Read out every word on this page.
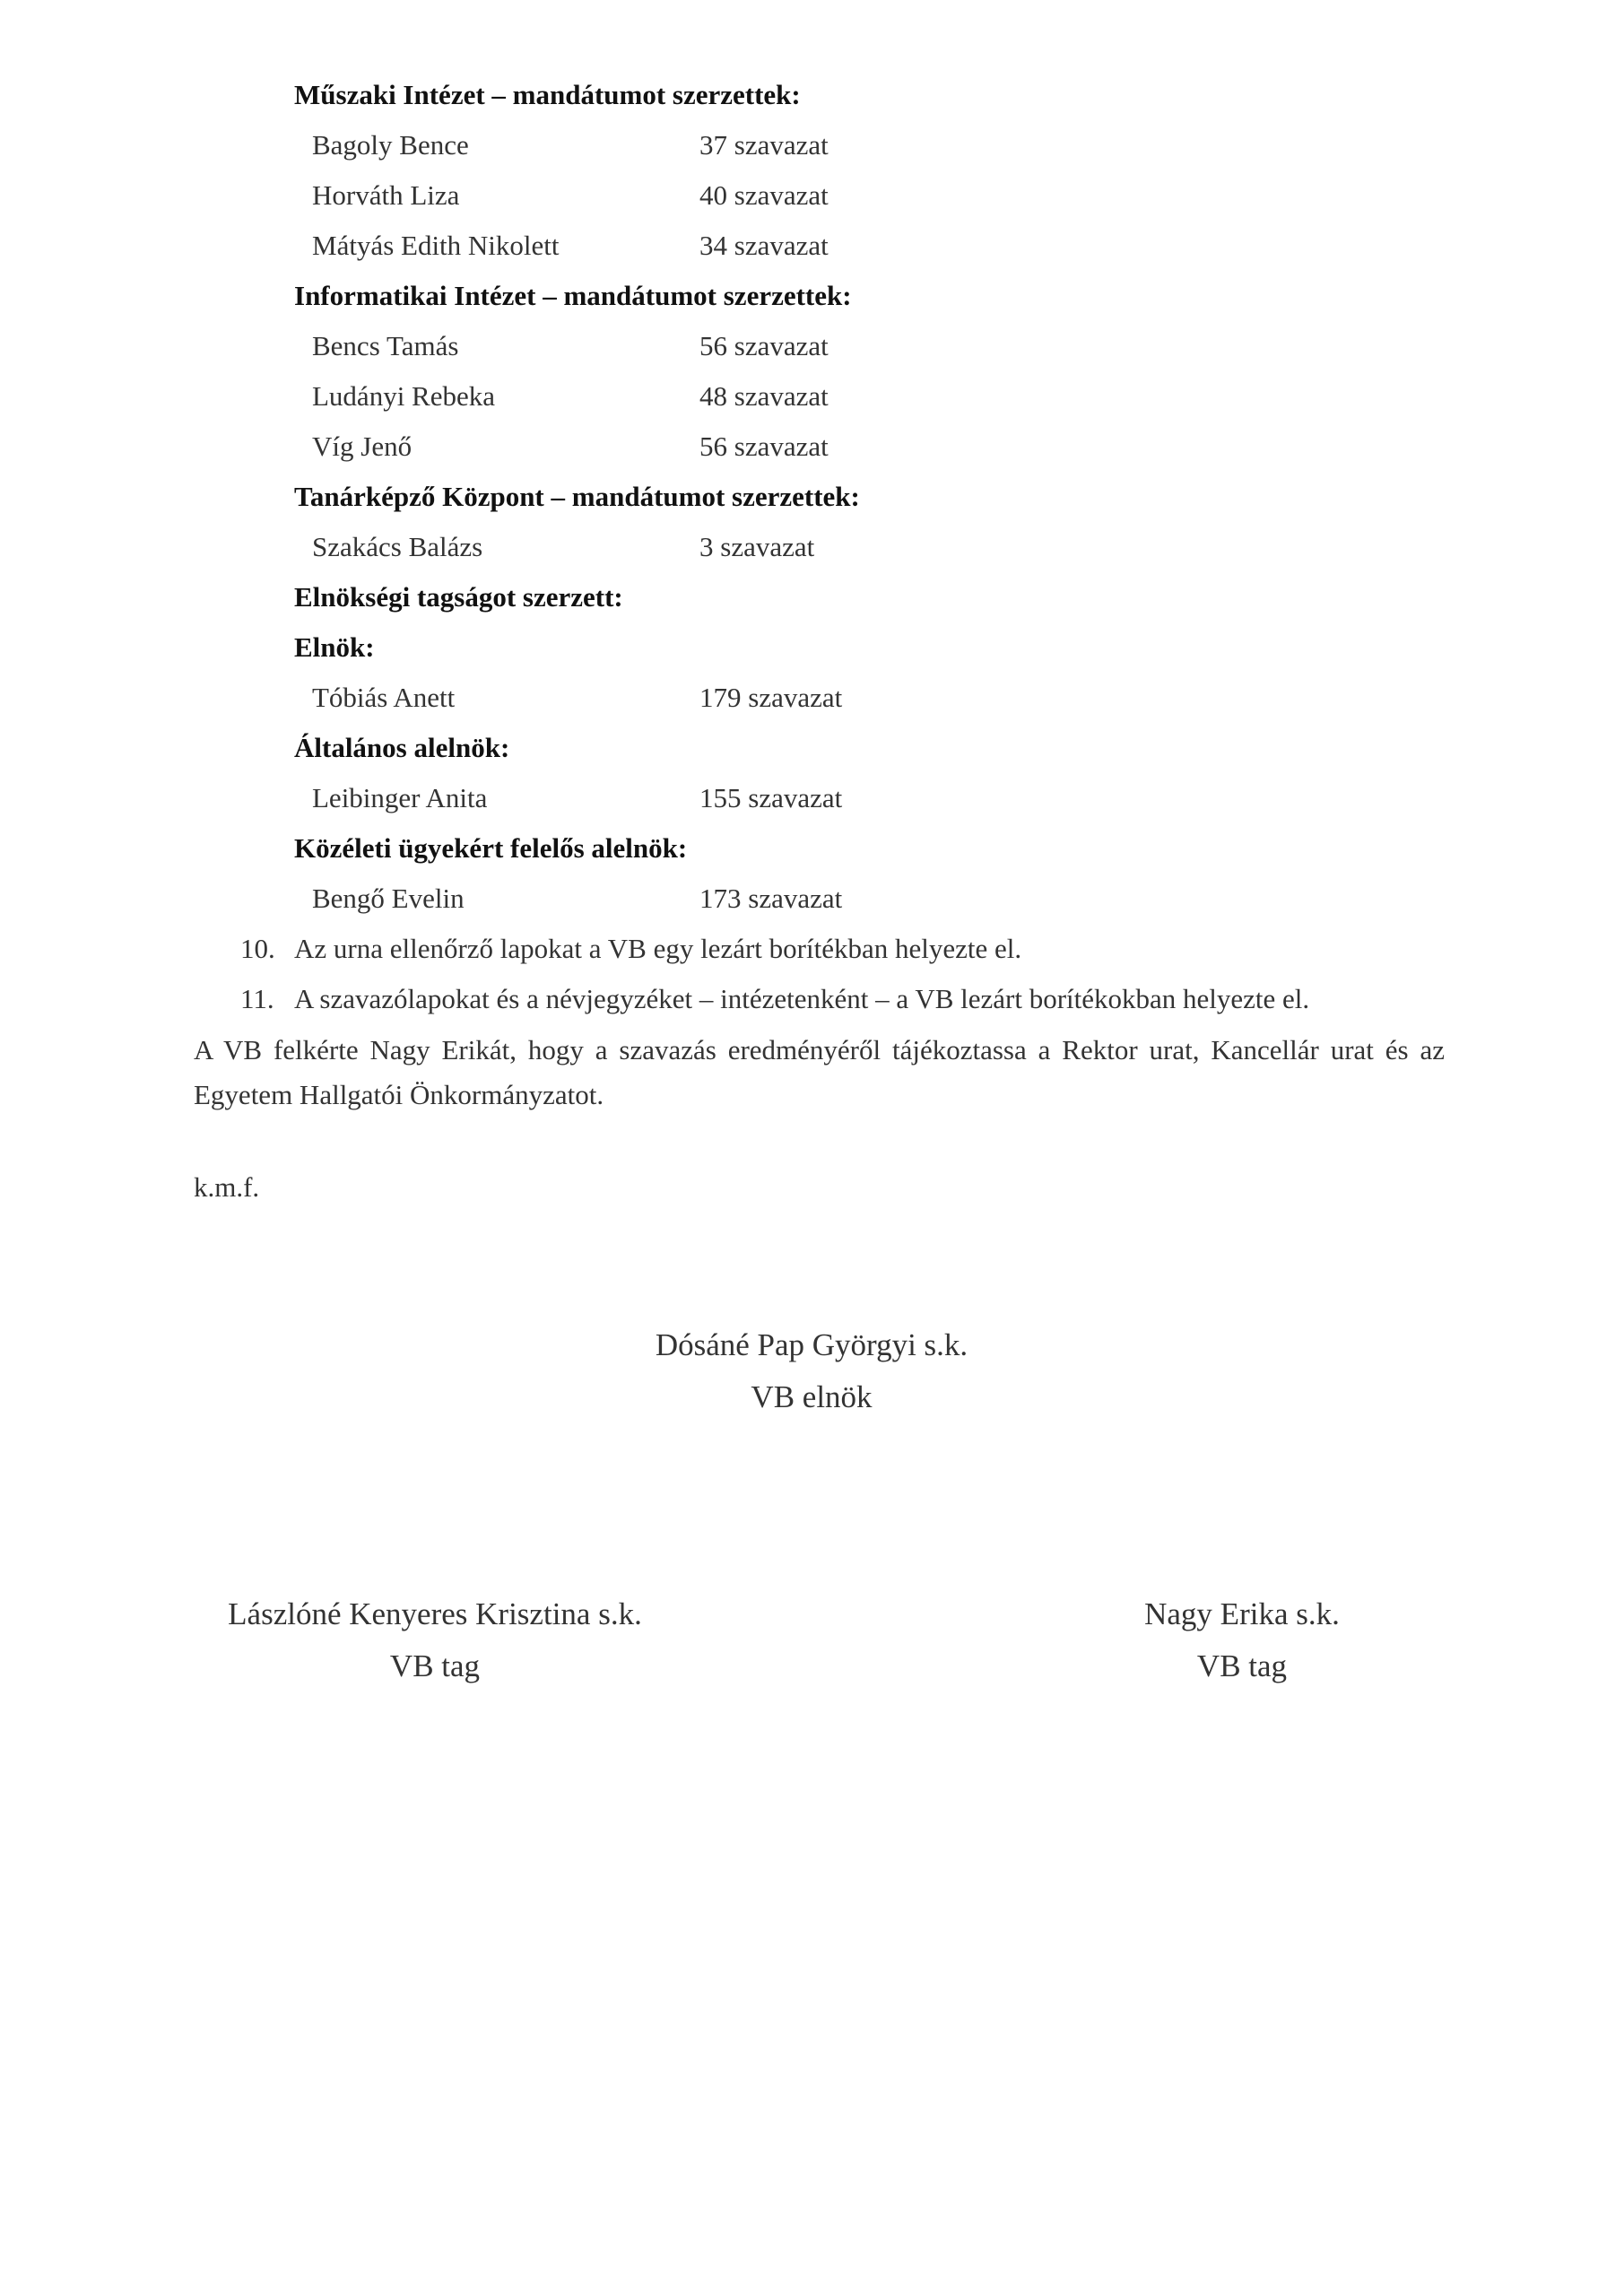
Műszaki Intézet – mandátumot szerzettek:
Bagoly Bence	37 szavazat
Horváth Liza	40 szavazat
Mátyás Edith Nikolett	34 szavazat
Informatikai Intézet – mandátumot szerzettek:
Bencs Tamás	56 szavazat
Ludányi Rebeka	48 szavazat
Víg Jenő	56 szavazat
Tanárképző Központ – mandátumot szerzettek:
Szakács Balázs	3 szavazat
Elnökségi tagságot szerzett:
Elnök:
Tóbiás Anett	179 szavazat
Általános alelnök:
Leibinger Anita	155 szavazat
Közéleti ügyekért felelős alelnök:
Bengő Evelin	173 szavazat
10. Az urna ellenőrző lapokat a VB egy lezárt borítékban helyezte el.
11. A szavazólapokat és a névjegyzéket – intézetenként – a VB lezárt borítékokban helyezte el.
A VB felkérte Nagy Erikát, hogy a szavazás eredményéről tájékoztassa a Rektor urat, Kancellár urat és az Egyetem Hallgatói Önkormányzatot.
k.m.f.
Dósáné Pap Györgyi s.k.
VB elnök
Lászlóné Kenyeres Krisztina s.k.
VB tag
Nagy Erika s.k.
VB tag
